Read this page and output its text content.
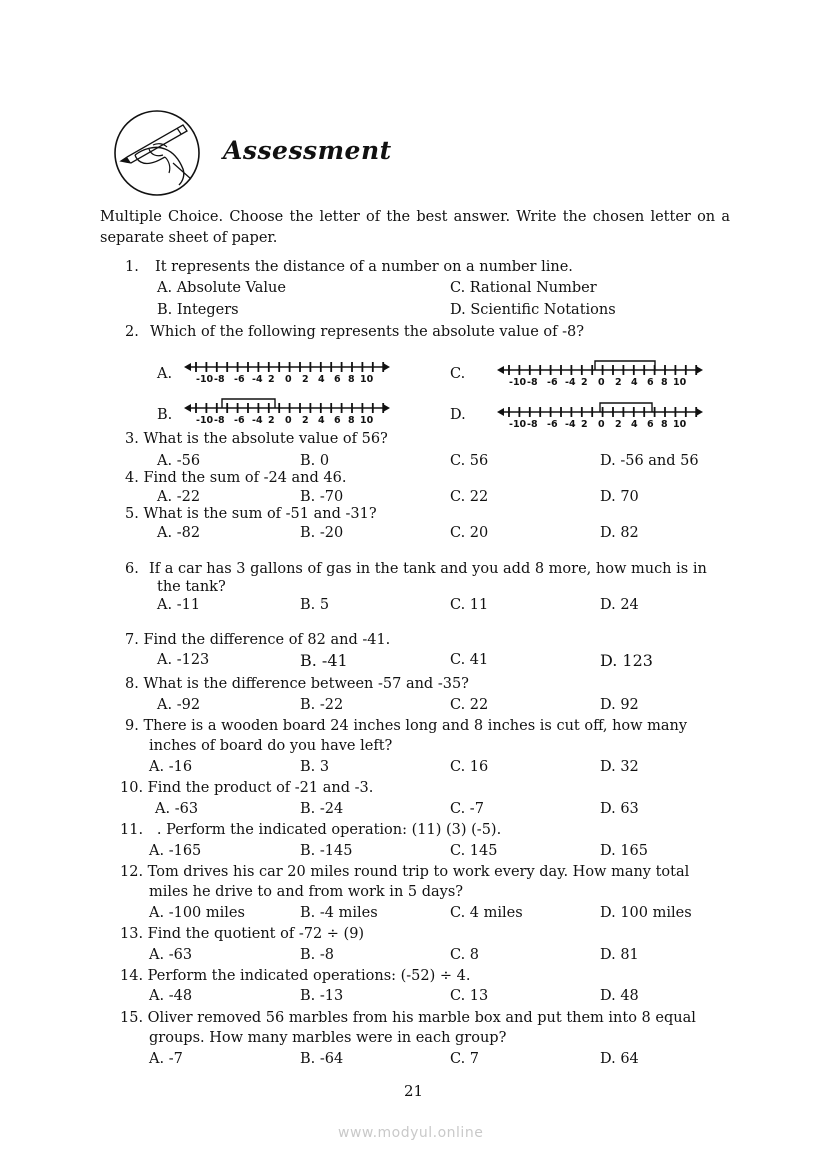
Assessment
Multiple Choice. Choose the letter of the best answer. Write the chosen letter on a separate sheet of paper.
1. It represents the distance of a number on a number line.
A. Absolute Value	C. Rational Number
B. Integers	D. Scientific Notations
2. Which of the following represents the absolute value of -8?
A.	C.
B.	D.
-10 -8 -6 -4 2 0 2 4 6 8 10	-10 -8 -6 -4 2 0 2 4 6 8 10
-10 -8 -6 -4 2 0 2 4 6 8 10	-10 -8 -6 -4 2 0 2 4 6 8 10
3. What is the absolute value of 56?
A. -56	B. 0	C. 56	D. -56 and 56
4. Find the sum of -24 and 46.
A. -22	B. -70	C. 22	D. 70
5. What is the sum of -51 and -31?
A. -82	B. -20	C. 20	D. 82
6. If a car has 3 gallons of gas in the tank and you add 8 more, how much is in
the tank?
A. -11	B. 5	C. 11	D. 24
7. Find the difference of 82 and -41.
A. -123	B. -41	C. 41	D. 123
8. What is the difference between -57 and -35?
A. -92	B. -22	C. 22	D. 92
9. There is a wooden board 24 inches long and 8 inches is cut off, how many
inches of board do you have left?
A. -16	B. 3	C. 16	D. 32
10. Find the product of -21 and -3.
A. -63	B. -24	C. -7	D. 63
11.   . Perform the indicated operation: (11) (3) (-5).
A. -165	B. -145	C. 145	D. 165
12. Tom drives his car 20 miles round trip to work every day. How many total
miles he drive to and from work in 5 days?
A. -100 miles	B. -4 miles	C. 4 miles	D. 100 miles
13. Find the quotient of -72 ÷ (9)
A. -63	B. -8	C. 8	D. 81
14. Perform the indicated operations: (-52) ÷ 4.
A. -48	B. -13	C. 13	D. 48
15. Oliver removed 56 marbles from his marble box and put them into 8 equal
groups. How many marbles were in each group?
A. -7	B. -64	C. 7	D. 64
21
www.modyul.online
